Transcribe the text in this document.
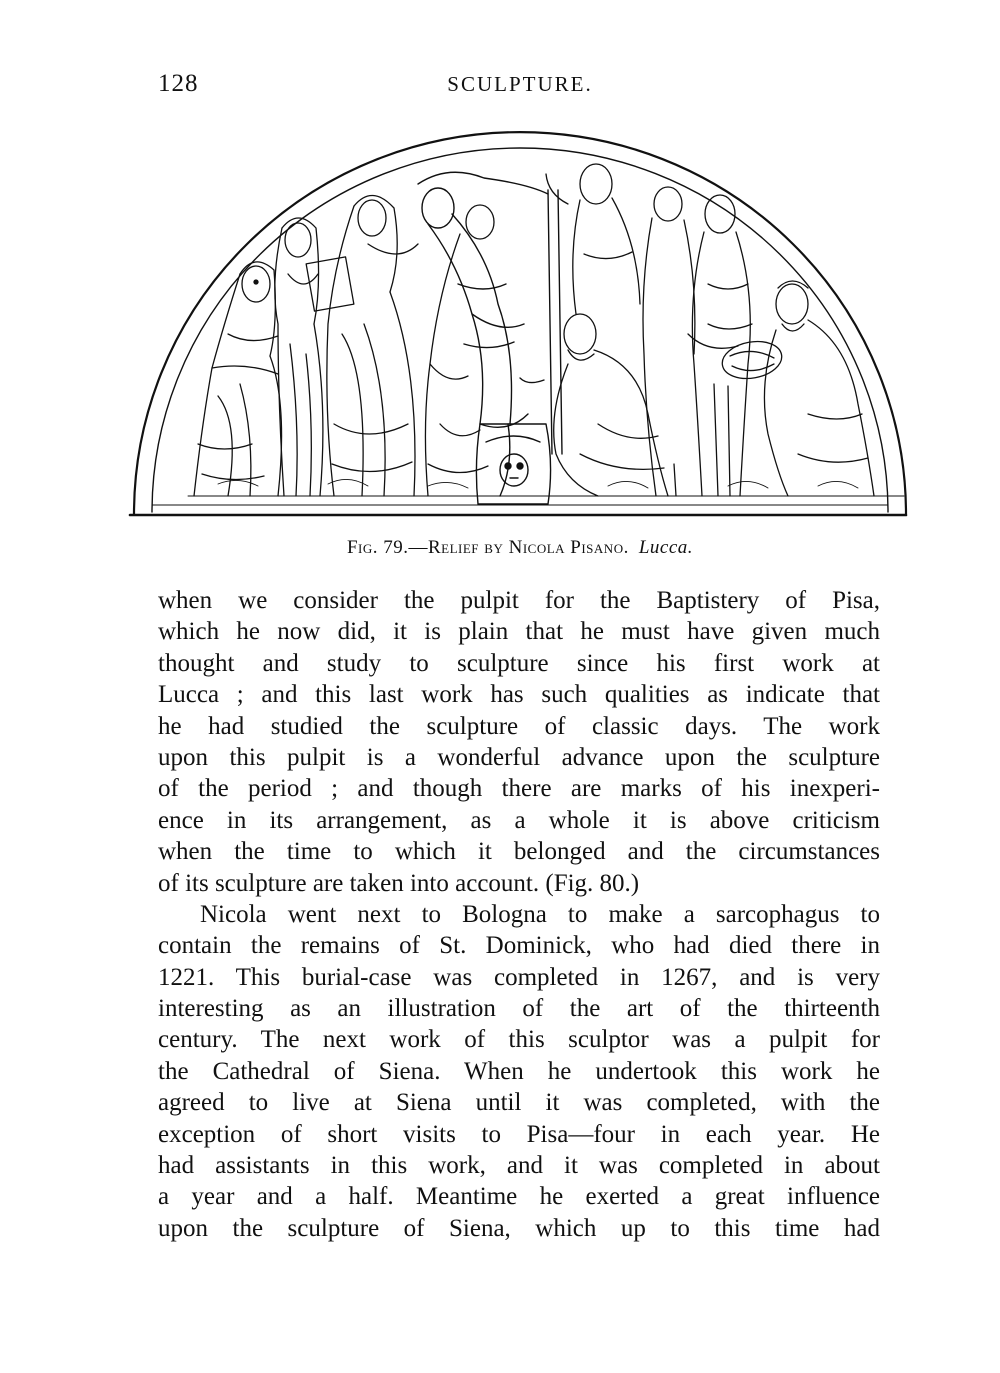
128	SCULPTURE.
Fig. 79.—Relief by Nicola Pisano. Lucca.
when we consider the pulpit for the Baptistery of Pisa,
which he now did, it is plain that he must have given much
thought and study to sculpture since his first work at
Lucca ; and this last work has such qualities as indicate that
he had studied the sculpture of classic days. The work
upon this pulpit is a wonderful advance upon the sculpture
of the period ; and though there are marks of his inexperi-
ence in its arrangement, as a whole it is above criticism
when the time to which it belonged and the circumstances
of its sculpture are taken into account. (Fig. 80.)
Nicola went next to Bologna to make a sarcophagus to
contain the remains of St. Dominick, who had died there in
1221. This burial-case was completed in 1267, and is very
interesting as an illustration of the art of the thirteenth
century. The next work of this sculptor was a pulpit for
the Cathedral of Siena. When he undertook this work he
agreed to live at Siena until it was completed, with the
exception of short visits to Pisa—four in each year. He
had assistants in this work, and it was completed in about
a year and a half. Meantime he exerted a great influence
upon the sculpture of Siena, which up to this time had
